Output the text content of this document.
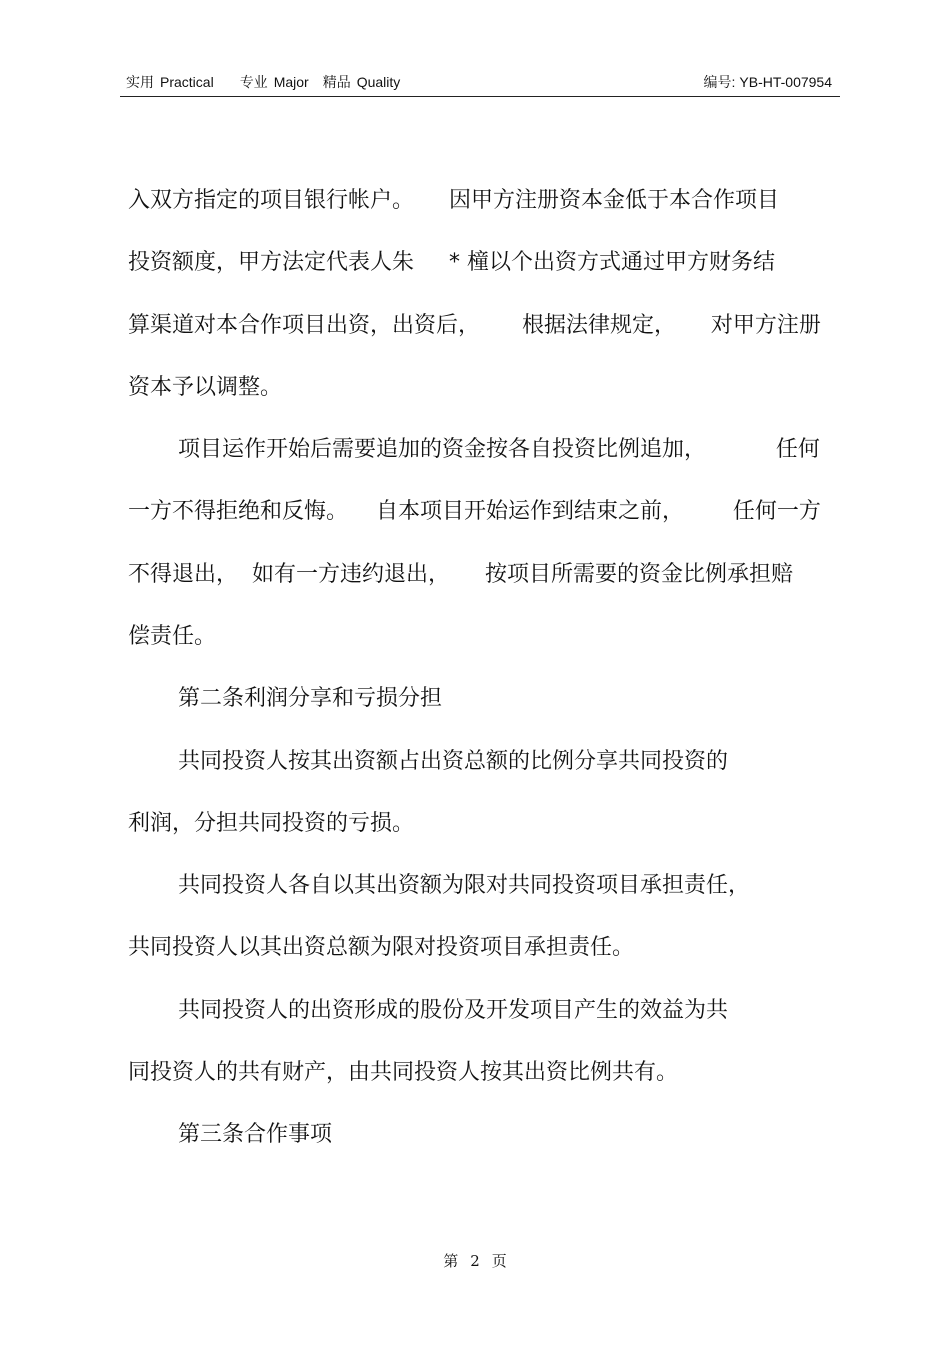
实用 Practical 专业 Major 精品 Quality	编号: YB-HT-007954
入双方指定的项目银行帐户。     因甲方注册资本金低于本合作项目
投资额度，甲方法定代表人朱     * 橦以个出资方式通过甲方财务结
算渠道对本合作项目出资，出资后，      根据法律规定，     对甲方注册
资本予以调整。
项目运作开始后需要追加的资金按各自投资比例追加，          任何
一方不得拒绝和反悔。    自本项目开始运作到结束之前，       任何一方
不得退出，  如有一方违约退出，     按项目所需要的资金比例承担赔
偿责任。
第二条利润分享和亏损分担
共同投资人按其出资额占出资总额的比例分享共同投资的
利润，分担共同投资的亏损。
共同投资人各自以其出资额为限对共同投资项目承担责任，
共同投资人以其出资总额为限对投资项目承担责任。
共同投资人的出资形成的股份及开发项目产生的效益为共
同投资人的共有财产，由共同投资人按其出资比例共有。
第三条合作事项
第 2 页
